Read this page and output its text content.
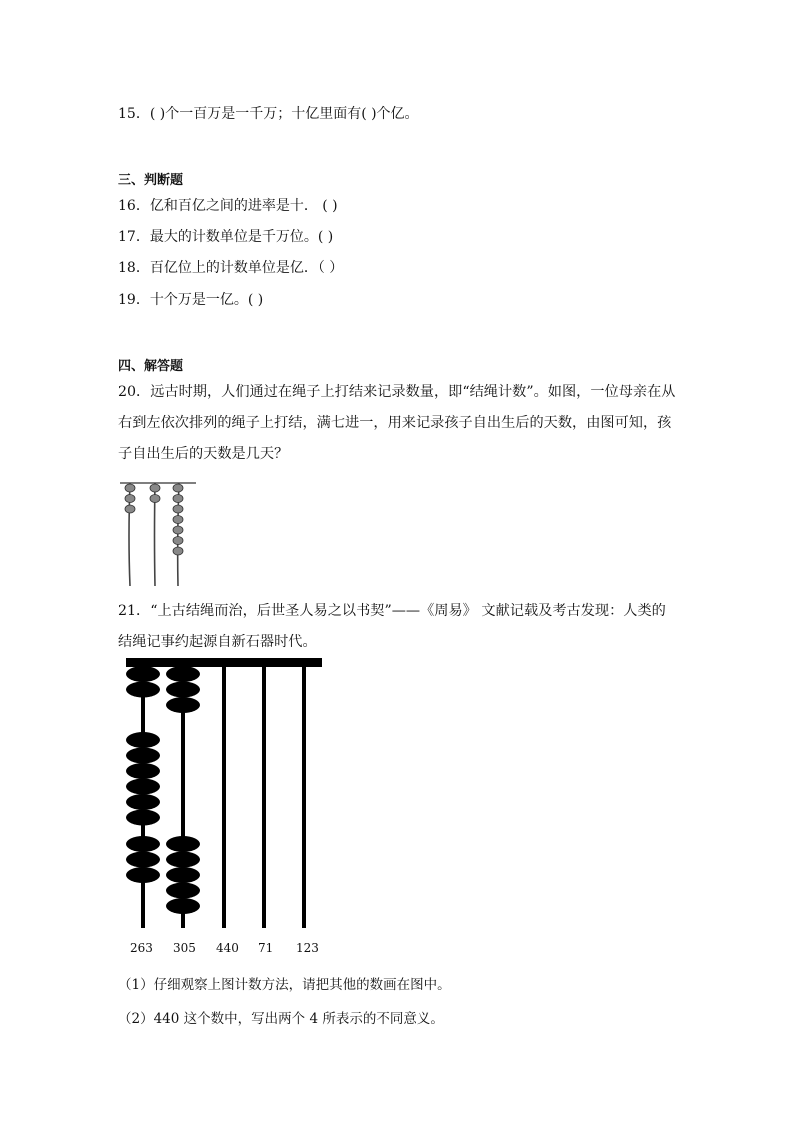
15．( )个一百万是一千万；十亿里面有( )个亿。
三、判断题
16．亿和百亿之间的进率是十． ( )
17．最大的计数单位是千万位。( )
18．百亿位上的计数单位是亿．（ ）
19．十个万是一亿。( )
四、解答题
20．远古时期，人们通过在绳子上打结来记录数量，即“结绳计数”。如图，一位母亲在从右到左依次排列的绳子上打结，满七进一，用来记录孩子自出生后的天数，由图可知，孩子自出生后的天数是几天？
21．“上古结绳而治，后世圣人易之以书契”——《周易》 文献记载及考古发现：人类的结绳记事约起源自新石器时代。
263 305 440 71 123
（1）仔细观察上图计数方法，请把其他的数画在图中。
（2）440 这个数中，写出两个 4 所表示的不同意义。
